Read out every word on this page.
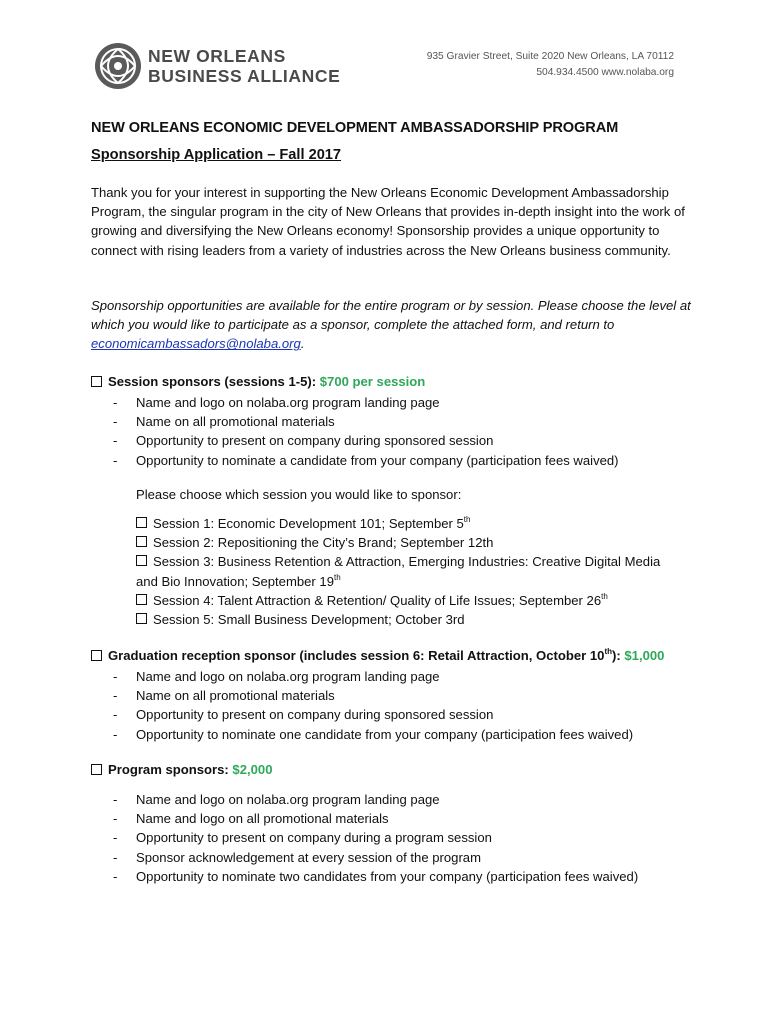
NEW ORLEANS
BUSINESS ALLIANCE
935 Gravier Street, Suite 2020 New Orleans, LA 70112
504.934.4500 www.nolaba.org
NEW ORLEANS ECONOMIC DEVELOPMENT AMBASSADORSHIP PROGRAM
Sponsorship Application – Fall 2017
Thank you for your interest in supporting the New Orleans Economic Development Ambassadorship Program, the singular program in the city of New Orleans that provides in-depth insight into the work of growing and diversifying the New Orleans economy! Sponsorship provides a unique opportunity to connect with rising leaders from a variety of industries across the New Orleans business community.
Sponsorship opportunities are available for the entire program or by session. Please choose the level at which you would like to participate as a sponsor, complete the attached form, and return to economicambassadors@nolaba.org.
Session sponsors (sessions 1-5):
$700 per session
- Name and logo on nolaba.org program landing page
- Name on all promotional materials
- Opportunity to present on company during sponsored session
- Opportunity to nominate a candidate from your company (participation fees waived)
Please choose which session you would like to sponsor:
Session 1: Economic Development 101; September 5th
Session 2: Repositioning the City’s Brand; September 12th
Session 3: Business Retention & Attraction, Emerging Industries: Creative Digital Media and Bio Innovation; September 19th
Session 4: Talent Attraction & Retention/ Quality of Life Issues; September 26th
Session 5: Small Business Development; October 3rd
Graduation reception sponsor (includes session 6: Retail Attraction, October 10 th ):
$1,000
- Name and logo on nolaba.org program landing page
- Name on all promotional materials
- Opportunity to present on company during sponsored session
- Opportunity to nominate one candidate from your company (participation fees waived)
Program sponsors:
$2,000
- Name and logo on nolaba.org program landing page
- Name and logo on all promotional materials
- Opportunity to present on company during a program session
- Sponsor acknowledgement at every session of the program
- Opportunity to nominate two candidates from your company (participation fees waived)
